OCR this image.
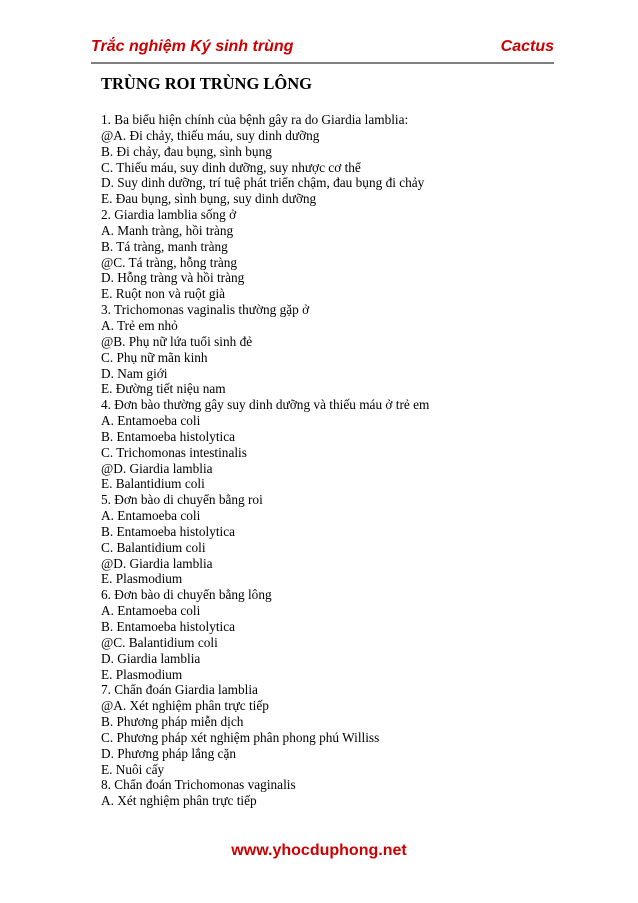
Trắc nghiệm Ký sinh trùng	Cactus
TRÙNG ROI TRÙNG LÔNG
1. Ba biểu hiện chính của bệnh gây ra do Giardia lamblia:
@A. Đi chảy, thiếu máu, suy dinh dưỡng
B. Đi chảy, đau bụng, sình bụng
C. Thiếu máu, suy dinh dưỡng, suy nhược cơ thể
D. Suy dinh dưỡng, trí tuệ phát triển chậm, đau bụng đi chảy
E. Đau bụng, sình bụng, suy dinh dưỡng
2. Giardia lamblia sống ở
A. Manh tràng, hồi tràng
B. Tá tràng, manh tràng
@C. Tá tràng, hỗng tràng
D. Hỗng tràng và hồi tràng
E. Ruột non và ruột già
3. Trichomonas vaginalis thường gặp ở
A. Trẻ em nhỏ
@B. Phụ nữ lứa tuổi sinh đẻ
C. Phụ nữ mãn kinh
D. Nam giới
E. Đường tiết niệu nam
4. Đơn bào thường gây suy dinh dưỡng và thiếu máu ở trẻ em
A. Entamoeba coli
B. Entamoeba histolytica
C. Trichomonas intestinalis
@D. Giardia lamblia
E. Balantidium coli
5. Đơn bào di chuyển bằng roi
A. Entamoeba coli
B. Entamoeba histolytica
C. Balantidium coli
@D. Giardia lamblia
E. Plasmodium
6. Đơn bào di chuyển bằng lông
A. Entamoeba coli
B. Entamoeba histolytica
@C. Balantidium coli
D. Giardia lamblia
E. Plasmodium
7. Chẩn đoán Giardia lamblia
@A. Xét nghiệm phân trực tiếp
B. Phương pháp miễn dịch
C. Phương pháp xét nghiệm phân phong phú Williss
D. Phương pháp lắng cặn
E. Nuôi cấy
8. Chẩn đoán Trichomonas vaginalis
A. Xét nghiệm phân trực tiếp
www.yhocduphong.net
